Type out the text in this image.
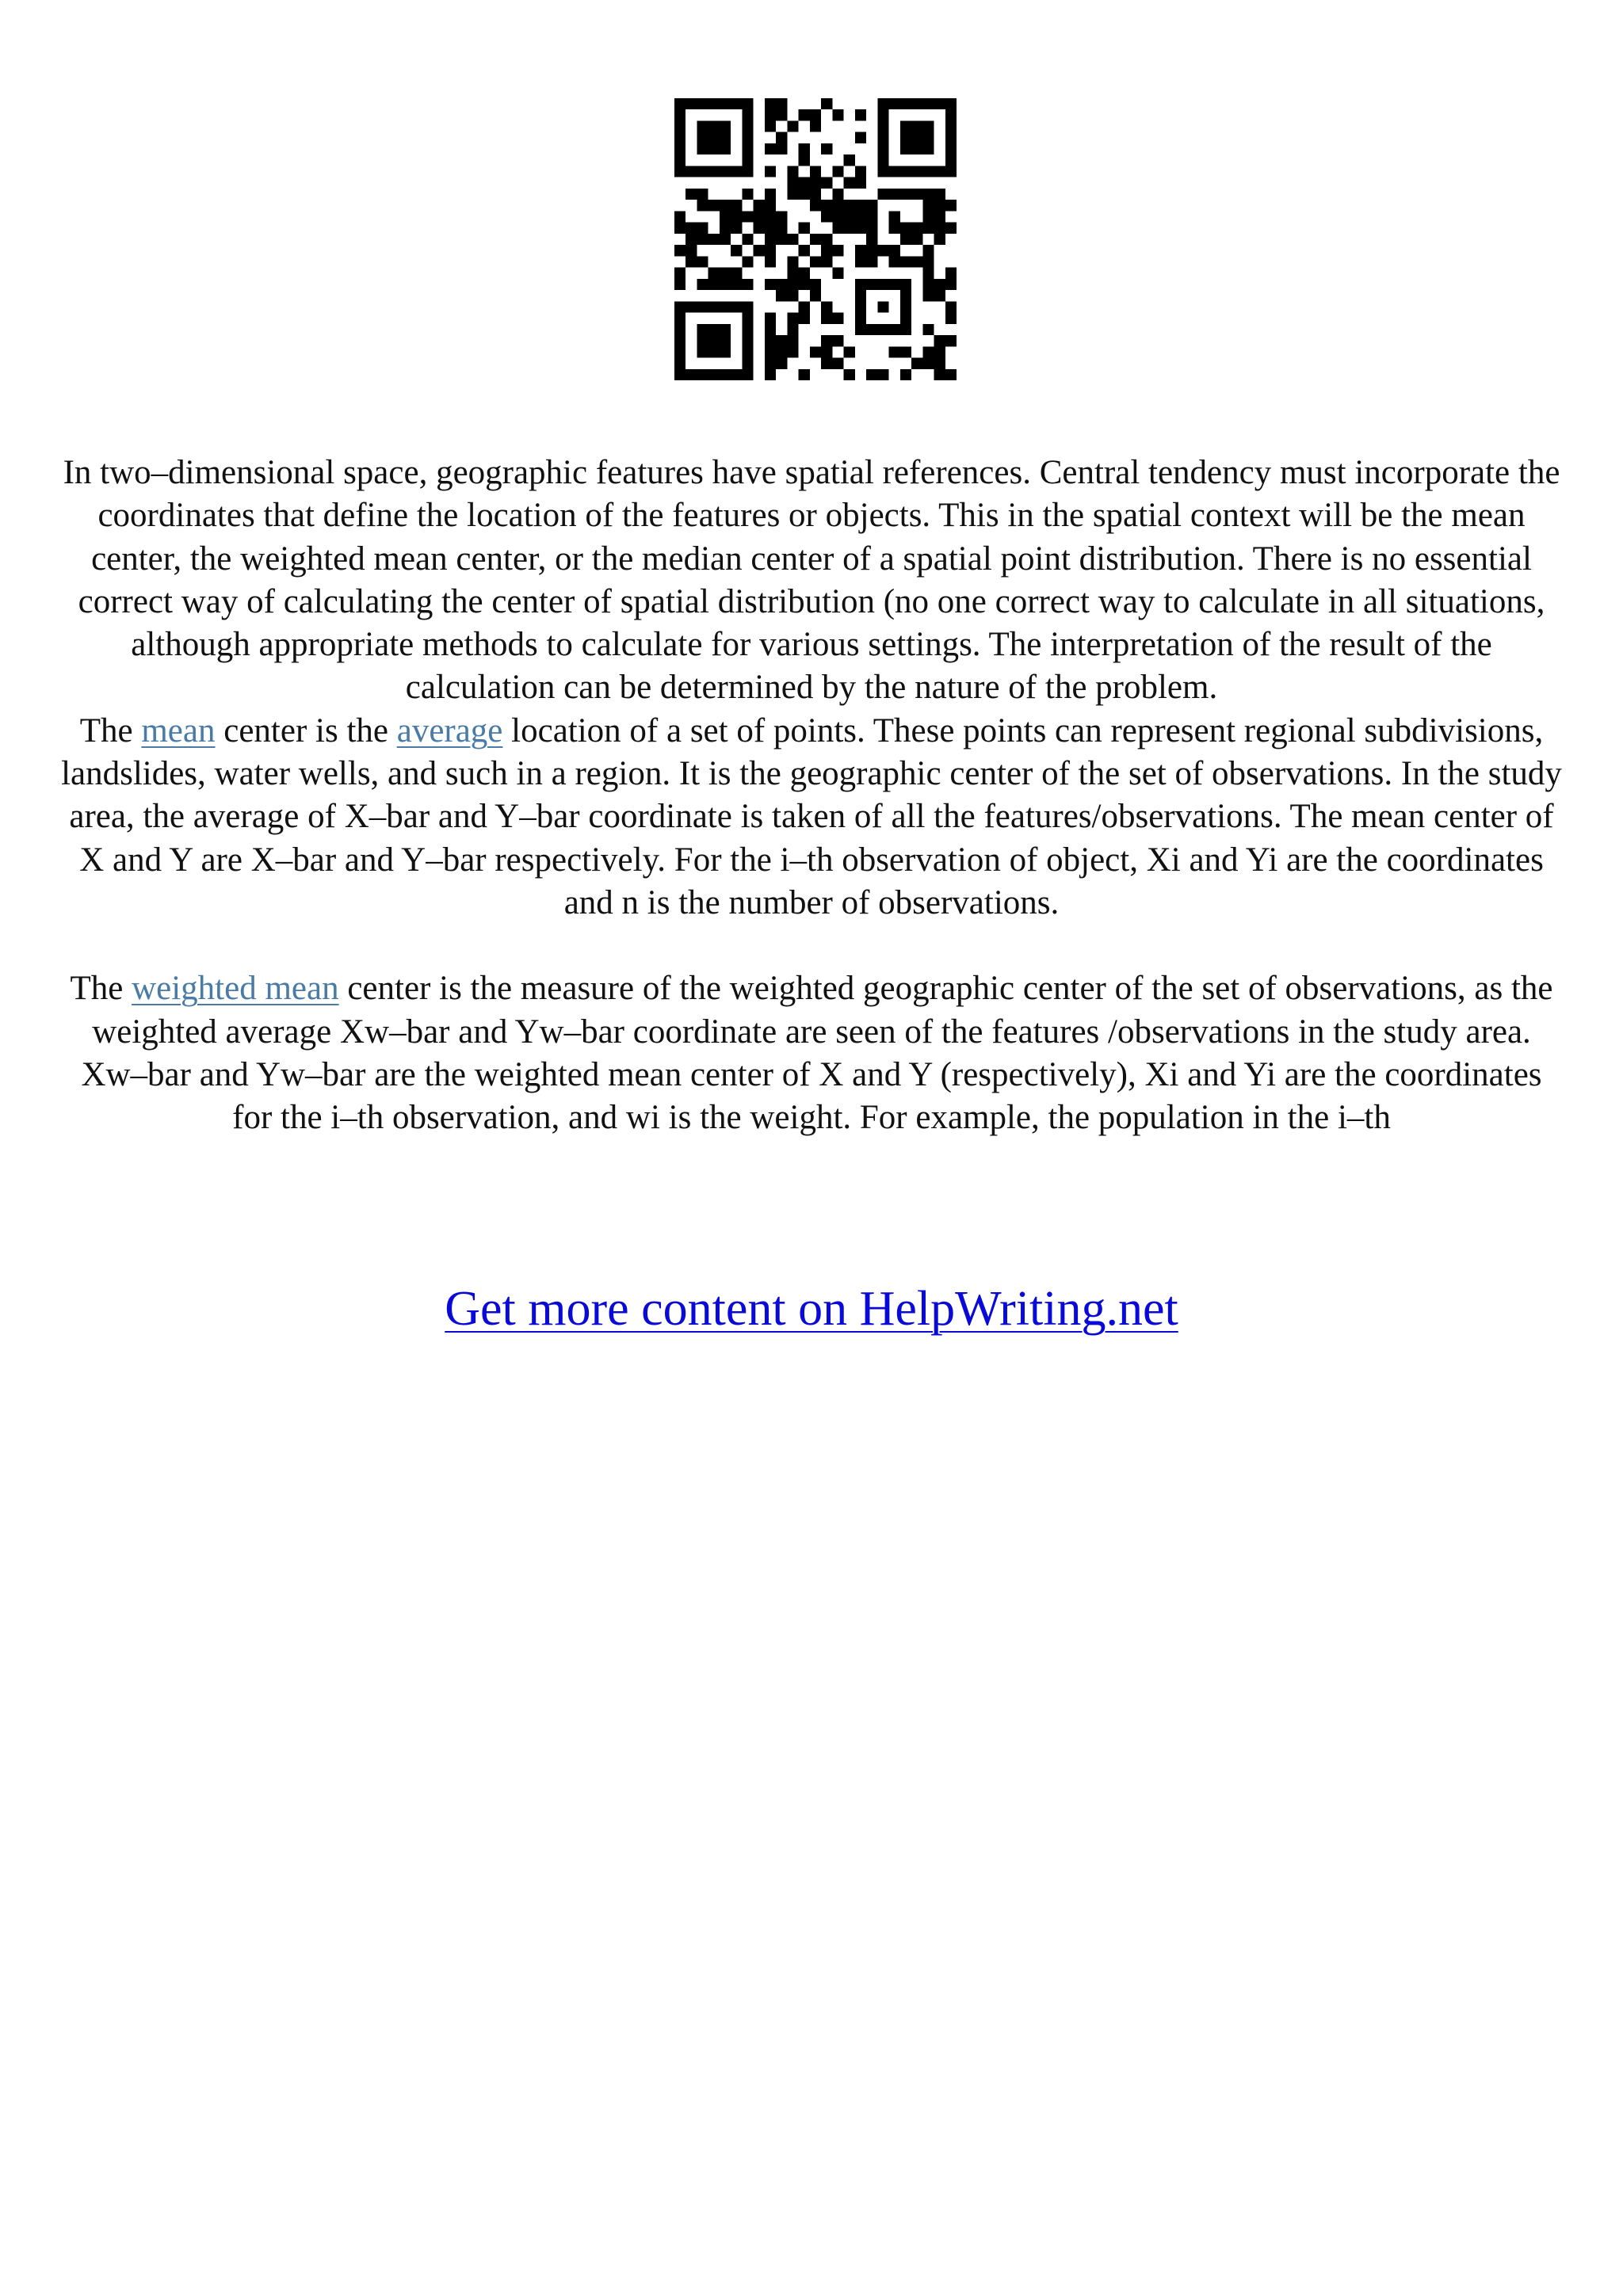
In two–dimensional space, geographic features have spatial references. Central tendency must incorporate the coordinates that define the location of the features or objects. This in the spatial context will be the mean center, the weighted mean center, or the median center of a spatial point distribution. There is no essential correct way of calculating the center of spatial distribution (no one correct way to calculate in all situations, although appropriate methods to calculate for various settings. The interpretation of the result of the calculation can be determined by the nature of the problem.

The mean center is the average location of a set of points. These points can represent regional subdivisions, landslides, water wells, and such in a region. It is the geographic center of the set of observations. In the study area, the average of X–bar and Y–bar coordinate is taken of all the features/observations. The mean center of X and Y are X–bar and Y–bar respectively. For the i–th observation of object, Xi and Yi are the coordinates and n is the number of observations.

The weighted mean center is the measure of the weighted geographic center of the set of observations, as the weighted average Xw–bar and Yw–bar coordinate are seen of the features /observations in the study area. Xw–bar and Yw–bar are the weighted mean center of X and Y (respectively), Xi and Yi are the coordinates for the i–th observation, and wi is the weight. For example, the population in the i–th

Get more content on HelpWriting.net
